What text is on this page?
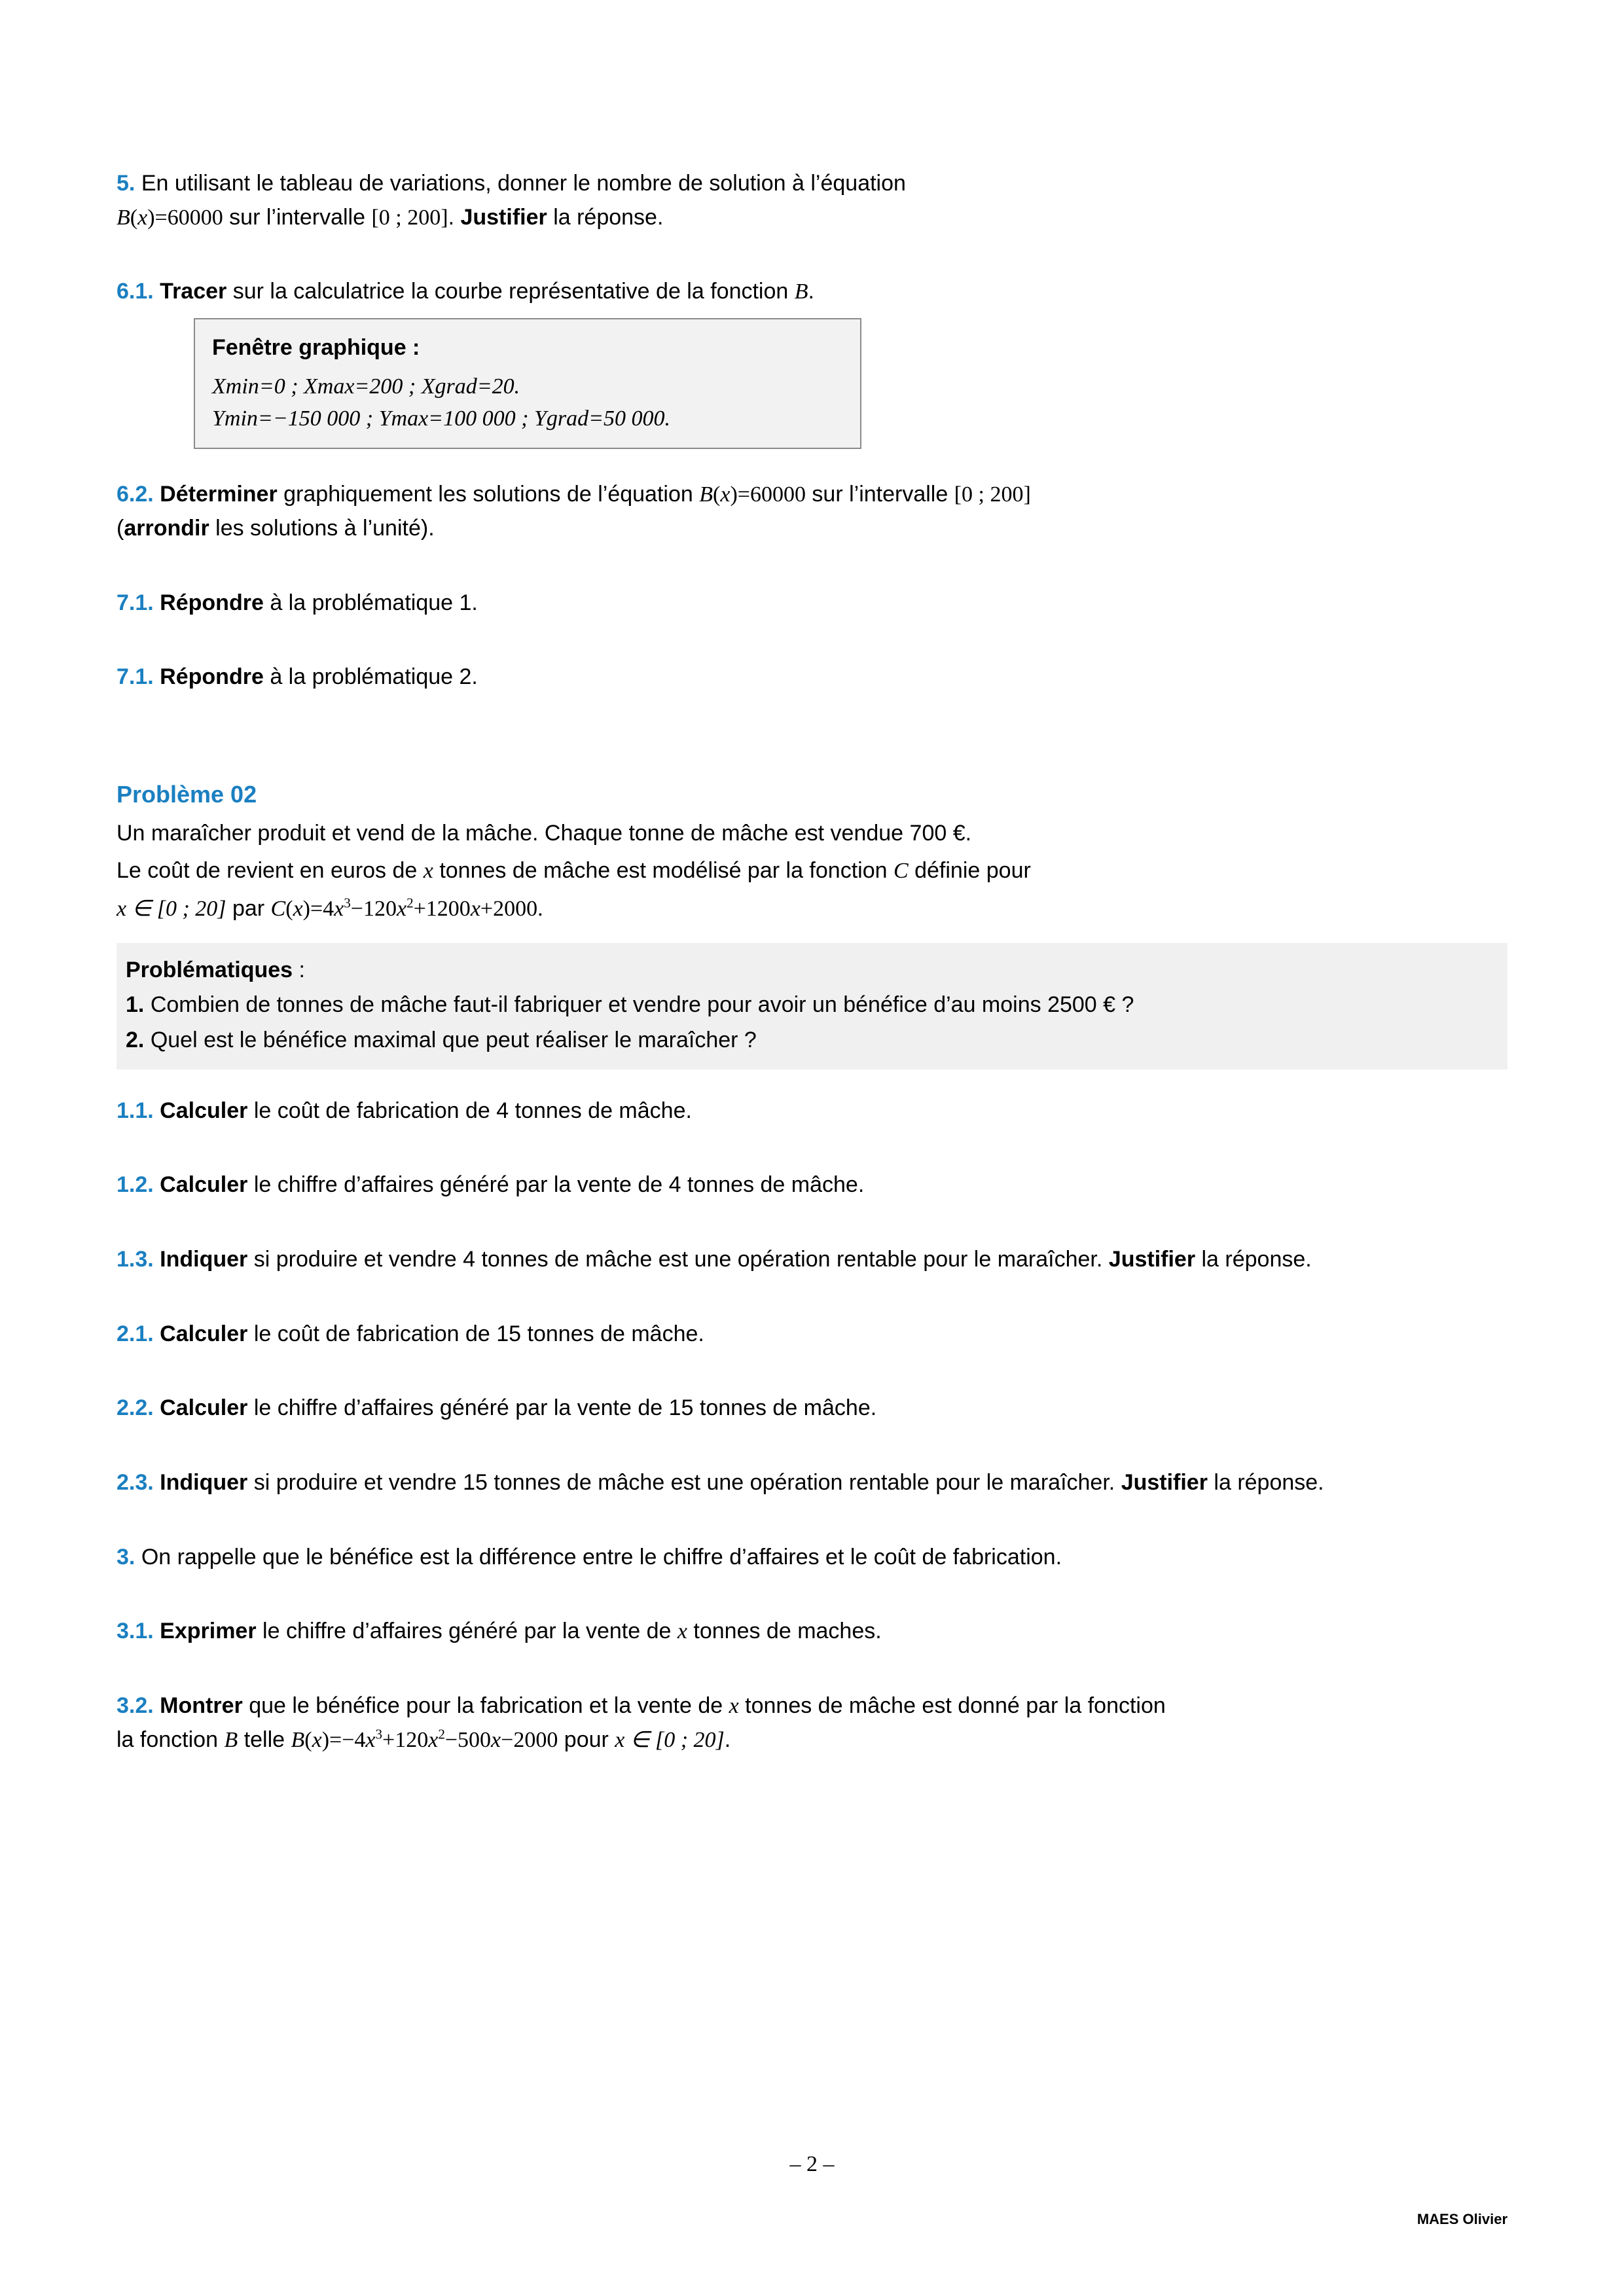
5. En utilisant le tableau de variations, donner le nombre de solution à l’équation
B(x)=60000 sur l’intervalle [0 ; 200]. Justifier la réponse.

6.1. Tracer sur la calculatrice la courbe représentative de la fonction B.

Fenêtre graphique :
Xmin=0 ; Xmax=200 ; Xgrad=20.
Ymin=−150 000 ; Ymax=100 000 ; Ygrad=50 000.

6.2. Déterminer graphiquement les solutions de l’équation B(x)=60000 sur l’intervalle [0 ; 200]
(arrondir les solutions à l’unité).

7.1. Répondre à la problématique 1.

7.1. Répondre à la problématique 2.

Problème 02

Un maraîcher produit et vend de la mâche. Chaque tonne de mâche est vendue 700 €.

Le coût de revient en euros de x tonnes de mâche est modélisé par la fonction C définie pour

x ∈ [0 ; 20] par $C(x)=4x^3-120x^2+1200x+2000$.

Problématiques :

1. Combien de tonnes de mâche faut-il fabriquer et vendre pour avoir un bénéfice d’au moins 2500 € ?

2. Quel est le bénéfice maximal que peut réaliser le maraîcher ?

1.1. Calculer le coût de fabrication de 4 tonnes de mâche.

1.2. Calculer le chiffre d’affaires généré par la vente de 4 tonnes de mâche.

1.3. Indiquer si produire et vendre 4 tonnes de mâche est une opération rentable pour le maraîcher. Justifier la réponse.

2.1. Calculer le coût de fabrication de 15 tonnes de mâche.

2.2. Calculer le chiffre d’affaires généré par la vente de 15 tonnes de mâche.

2.3. Indiquer si produire et vendre 15 tonnes de mâche est une opération rentable pour le maraîcher. Justifier la réponse.

3. On rappelle que le bénéfice est la différence entre le chiffre d’affaires et le coût de fabrication.

3.1. Exprimer le chiffre d’affaires généré par la vente de x tonnes de maches.

3.2. Montrer que le bénéfice pour la fabrication et la vente de x tonnes de mâche est donné par la fonction
la fonction B telle $B(x)=-4x^3+120x^2-500x-2000$ pour x ∈ [0 ; 20].

– 2 –
MAES Olivier
